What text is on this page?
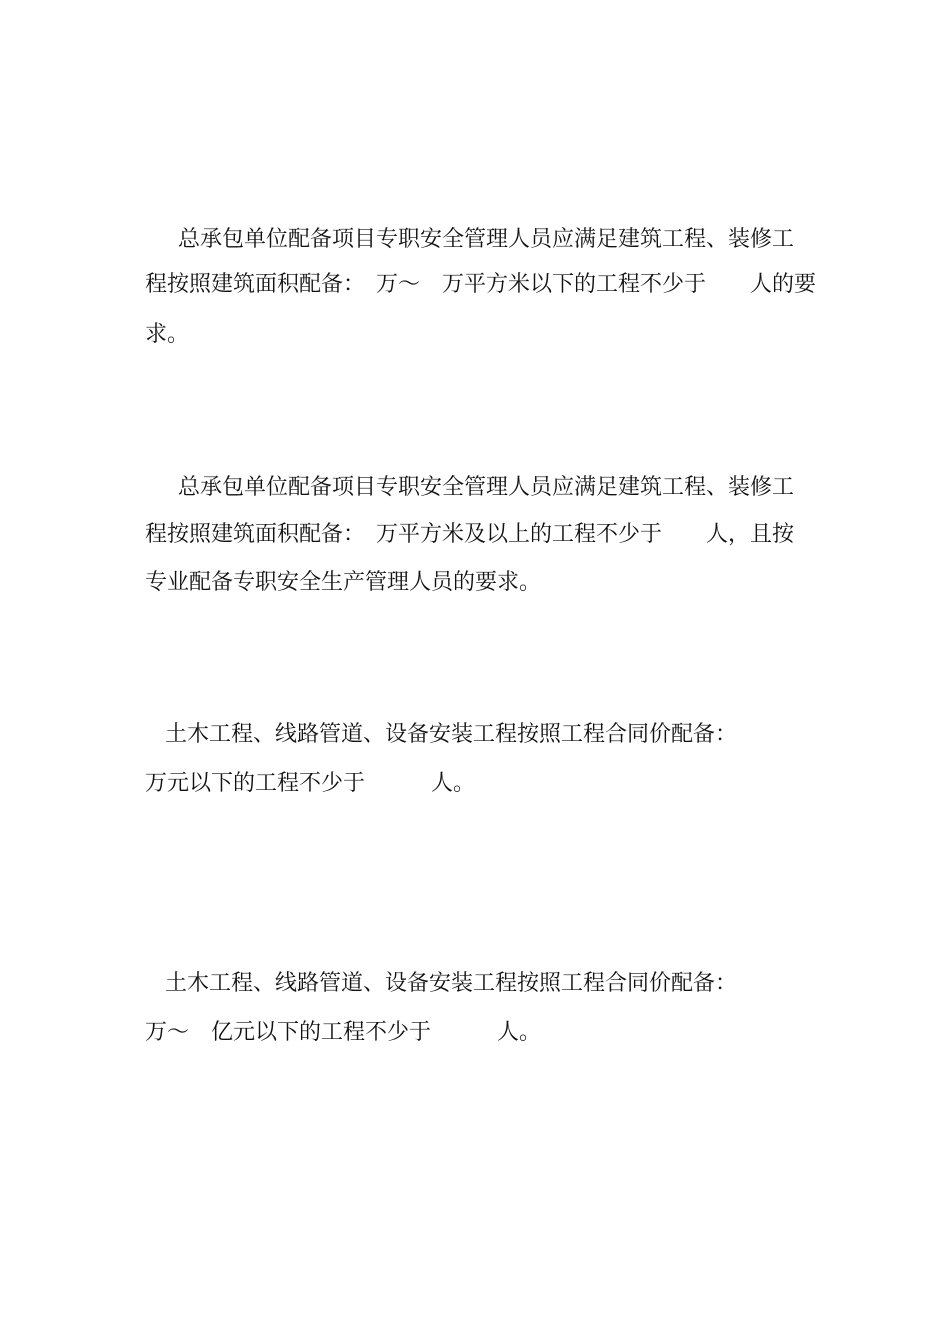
总承包单位配备项目专职安全管理人员应满足建筑工程、装修工
程按照建筑面积配备：　万～　万平方米以下的工程不少于　　人的要
求。
总承包单位配备项目专职安全管理人员应满足建筑工程、装修工
程按照建筑面积配备：　万平方米及以上的工程不少于　　人，且按
专业配备专职安全生产管理人员的要求。
土木工程、线路管道、设备安装工程按照工程合同价配备：
万元以下的工程不少于　　　人。
土木工程、线路管道、设备安装工程按照工程合同价配备：
万～　亿元以下的工程不少于　　　人。
